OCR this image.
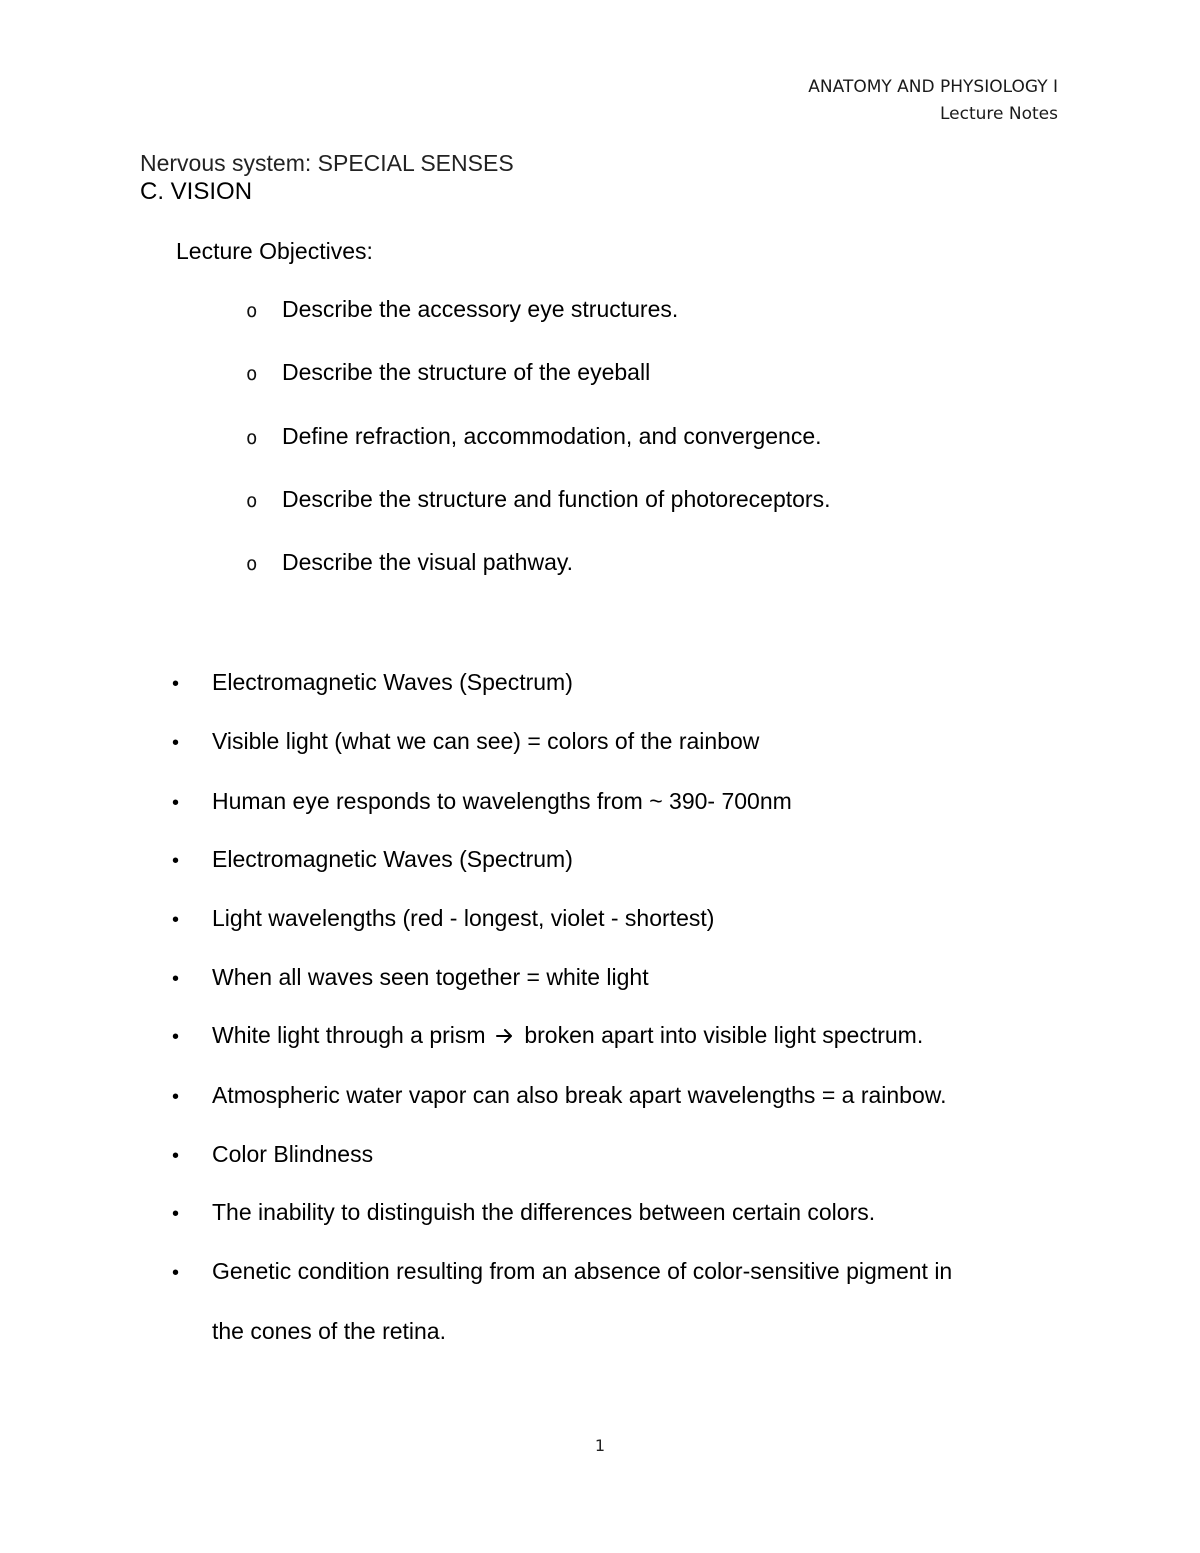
ANATOMY AND PHYSIOLOGY I
Lecture Notes
Nervous system: SPECIAL SENSES
C. VISION
Lecture Objectives:
o	Describe the accessory eye structures.
o	Describe the structure of the eyeball
o	Define refraction, accommodation, and convergence.
o	Describe the structure and function of photoreceptors.
o	Describe the visual pathway.
•	Electromagnetic Waves (Spectrum)
•	Visible light (what we can see) = colors of the rainbow
•	Human eye responds to wavelengths from ~ 390- 700nm
•	Electromagnetic Waves (Spectrum)
•	Light wavelengths (red - longest, violet - shortest)
•	When all waves seen together = white light
•	White light through a prism broken apart into visible light spectrum.
•	Atmospheric water vapor can also break apart wavelengths = a rainbow.
•	Color Blindness
•	The inability to distinguish the differences between certain colors.
•	Genetic condition resulting from an absence of color-sensitive pigment in
the cones of the retina.
1
